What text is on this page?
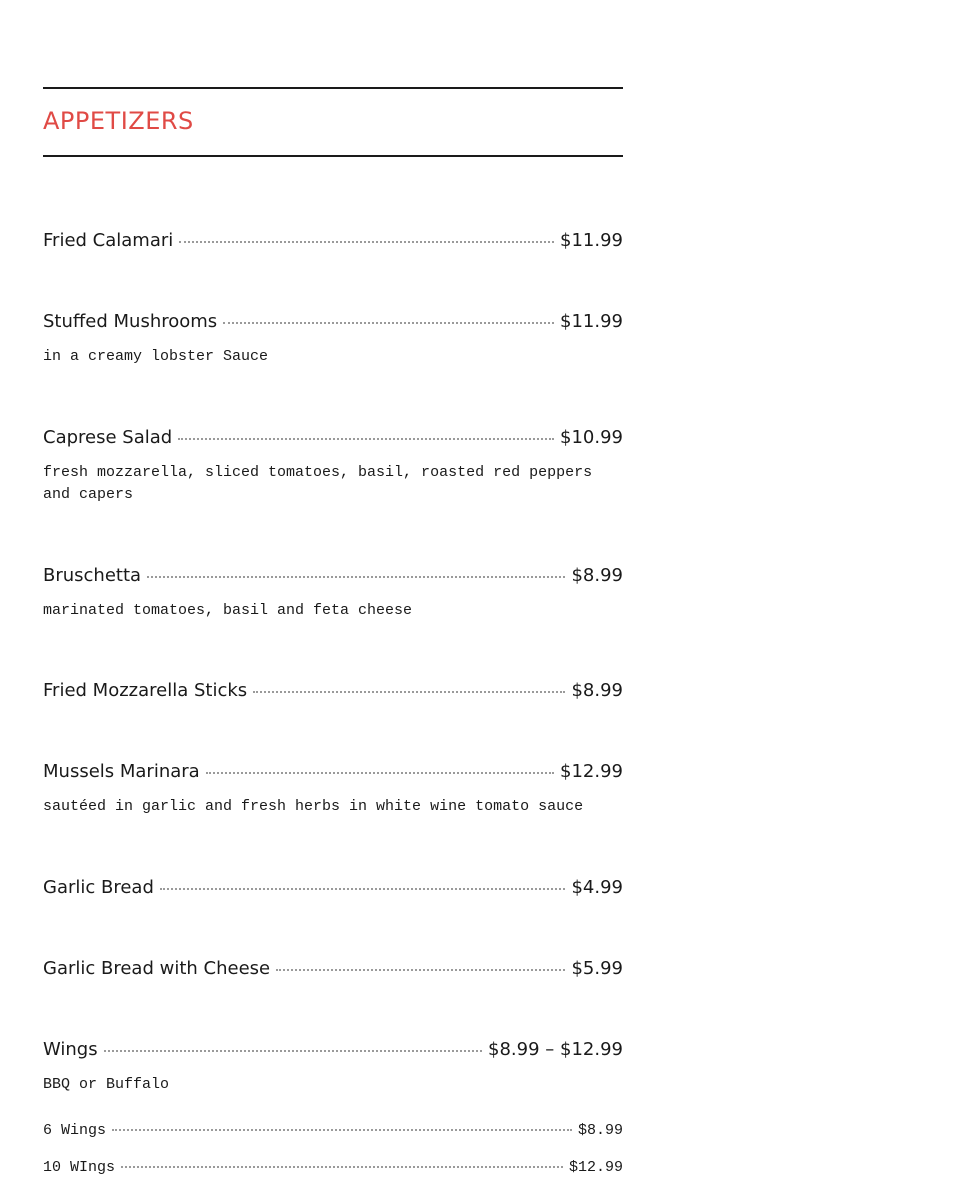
APPETIZERS
Fried Calamari	$11.99
Stuffed Mushrooms	$11.99
in a creamy lobster Sauce
Caprese Salad	$10.99
fresh mozzarella, sliced tomatoes, basil, roasted red peppers and capers
Bruschetta	$8.99
marinated tomatoes, basil and feta cheese
Fried Mozzarella Sticks	$8.99
Mussels Marinara	$12.99
sautéed in garlic and fresh herbs in white wine tomato sauce
Garlic Bread	$4.99
Garlic Bread with Cheese	$5.99
Wings	$8.99 – $12.99
BBQ or Buffalo
6 Wings	$8.99
10 WIngs	$12.99
